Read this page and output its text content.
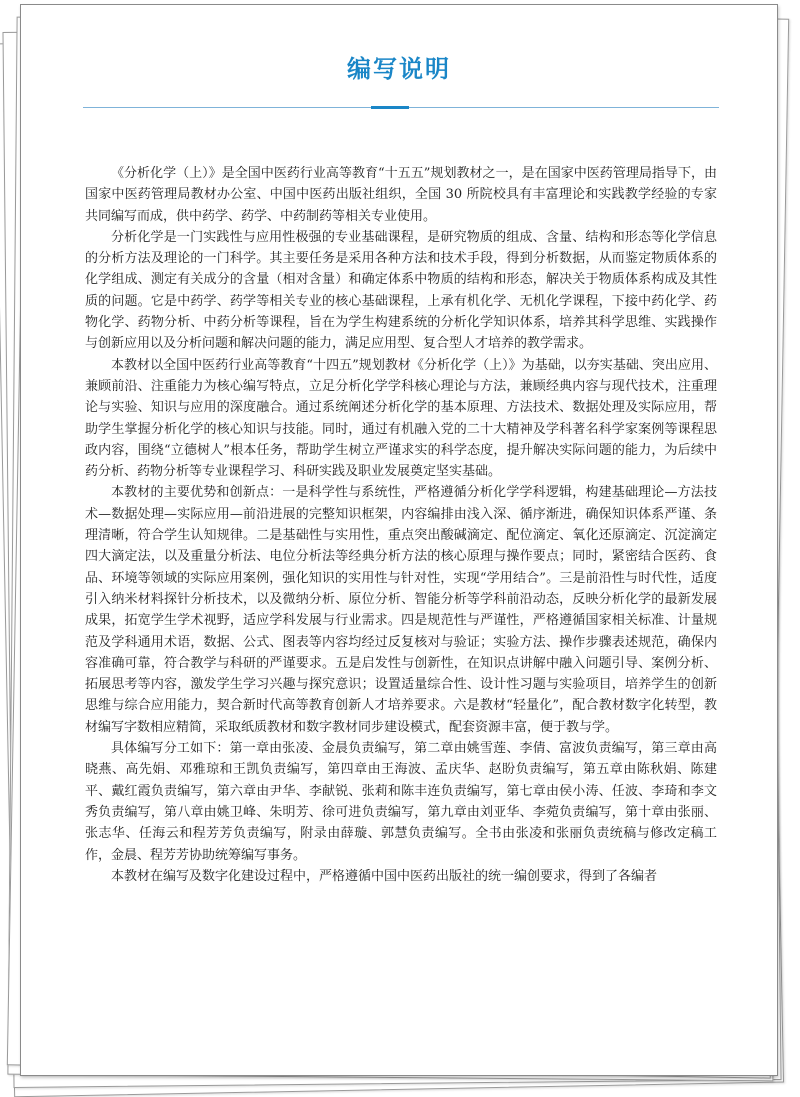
编写说明

《分析化学（上）》是全国中医药行业高等教育“十五五”规划教材之一，是在国家中医药管理局指导下，由国家中医药管理局教材办公室、中国中医药出版社组织，全国 30 所院校具有丰富理论和实践教学经验的专家共同编写而成，供中药学、药学、中药制药等相关专业使用。

分析化学是一门实践性与应用性极强的专业基础课程，是研究物质的组成、含量、结构和形态等化学信息的分析方法及理论的一门科学。其主要任务是采用各种方法和技术手段，得到分析数据，从而鉴定物质体系的化学组成、测定有关成分的含量（相对含量）和确定体系中物质的结构和形态，解决关于物质体系构成及其性质的问题。它是中药学、药学等相关专业的核心基础课程，上承有机化学、无机化学课程，下接中药化学、药物化学、药物分析、中药分析等课程，旨在为学生构建系统的分析化学知识体系，培养其科学思维、实践操作与创新应用以及分析问题和解决问题的能力，满足应用型、复合型人才培养的教学需求。

本教材以全国中医药行业高等教育“十四五”规划教材《分析化学（上）》为基础，以夯实基础、突出应用、兼顾前沿、注重能力为核心编写特点，立足分析化学学科核心理论与方法，兼顾经典内容与现代技术，注重理论与实验、知识与应用的深度融合。通过系统阐述分析化学的基本原理、方法技术、数据处理及实际应用，帮助学生掌握分析化学的核心知识与技能。同时，通过有机融入党的二十大精神及学科著名科学家案例等课程思政内容，围绕“立德树人”根本任务，帮助学生树立严谨求实的科学态度，提升解决实际问题的能力，为后续中药分析、药物分析等专业课程学习、科研实践及职业发展奠定坚实基础。

本教材的主要优势和创新点：一是科学性与系统性，严格遵循分析化学学科逻辑，构建基础理论—方法技术—数据处理—实际应用—前沿进展的完整知识框架，内容编排由浅入深、循序渐进，确保知识体系严谨、条理清晰，符合学生认知规律。二是基础性与实用性，重点突出酸碱滴定、配位滴定、氧化还原滴定、沉淀滴定四大滴定法，以及重量分析法、电位分析法等经典分析方法的核心原理与操作要点；同时，紧密结合医药、食品、环境等领域的实际应用案例，强化知识的实用性与针对性，实现“学用结合”。三是前沿性与时代性，适度引入纳米材料探针分析技术，以及微纳分析、原位分析、智能分析等学科前沿动态，反映分析化学的最新发展成果，拓宽学生学术视野，适应学科发展与行业需求。四是规范性与严谨性，严格遵循国家相关标准、计量规范及学科通用术语，数据、公式、图表等内容均经过反复核对与验证；实验方法、操作步骤表述规范，确保内容准确可靠，符合教学与科研的严谨要求。五是启发性与创新性，在知识点讲解中融入问题引导、案例分析、拓展思考等内容，激发学生学习兴趣与探究意识；设置适量综合性、设计性习题与实验项目，培养学生的创新思维与综合应用能力，契合新时代高等教育创新人才培养要求。六是教材“轻量化”，配合教材数字化转型，教材编写字数相应精简，采取纸质教材和数字教材同步建设模式，配套资源丰富，便于教与学。

具体编写分工如下：第一章由张凌、金晨负责编写，第二章由姚雪莲、李倩、富波负责编写，第三章由高晓燕、高先娟、邓雅琼和王凯负责编写，第四章由王海波、孟庆华、赵盼负责编写，第五章由陈秋娟、陈建平、戴红霞负责编写，第六章由尹华、李献锐、张莉和陈丰连负责编写，第七章由侯小涛、任波、李琦和李文秀负责编写，第八章由姚卫峰、朱明芳、徐可进负责编写，第九章由刘亚华、李菀负责编写，第十章由张丽、张志华、任海云和程芳芳负责编写，附录由薛璇、郭慧负责编写。全书由张凌和张丽负责统稿与修改定稿工作，金晨、程芳芳协助统筹编写事务。

本教材在编写及数字化建设过程中，严格遵循中国中医药出版社的统一编创要求，得到了各编者
